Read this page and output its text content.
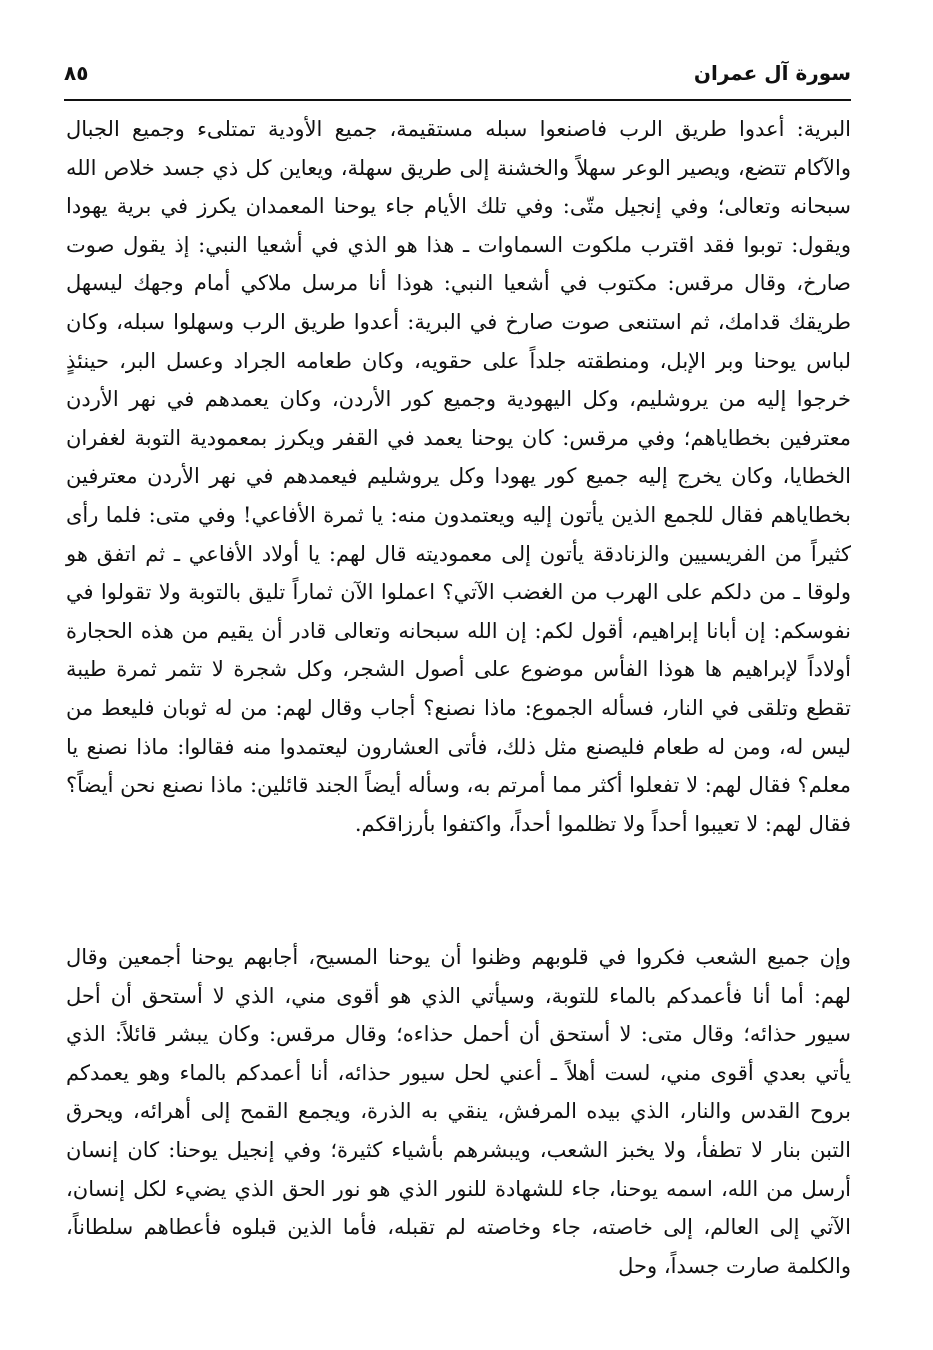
سورة آل عمران
٨٥

البرية: أعدوا طريق الرب فاصنعوا سبله مستقيمة، جميع الأودية تمتلىء وجميع الجبال والآكام تتضع، ويصير الوعر سهلاً والخشنة إلى طريق سهلة، ويعاين كل ذي جسد خلاص الله سبحانه وتعالى؛ وفي إنجيل متّى: وفي تلك الأيام جاء يوحنا المعمدان يكرز في برية يهودا ويقول: توبوا فقد اقترب ملكوت السماوات ـ هذا هو الذي في أشعيا النبي: إذ يقول صوت صارخ، وقال مرقس: مكتوب في أشعيا النبي: هوذا أنا مرسل ملاكي أمام وجهك ليسهل طريقك قدامك، ثم استنعى صوت صارخ في البرية: أعدوا طريق الرب وسهلوا سبله، وكان لباس يوحنا وبر الإبل، ومنطقته جلداً على حقويه، وكان طعامه الجراد وعسل البر، حينئذٍ خرجوا إليه من يروشليم، وكل اليهودية وجميع كور الأردن، وكان يعمدهم في نهر الأردن معترفين بخطاياهم؛ وفي مرقس: كان يوحنا يعمد في القفر ويكرز بمعمودية التوبة لغفران الخطايا، وكان يخرج إليه جميع كور يهودا وكل يروشليم فيعمدهم في نهر الأردن معترفين بخطاياهم فقال للجمع الذين يأتون إليه ويعتمدون منه: يا ثمرة الأفاعي! وفي متى: فلما رأى كثيراً من الفريسيين والزنادقة يأتون إلى معموديته قال لهم: يا أولاد الأفاعي ـ ثم اتفق هو ولوقا ـ من دلكم على الهرب من الغضب الآتي؟ اعملوا الآن ثماراً تليق بالتوبة ولا تقولوا في نفوسكم: إن أبانا إبراهيم، أقول لكم: إن الله سبحانه وتعالى قادر أن يقيم من هذه الحجارة أولاداً لإبراهيم ها هوذا الفأس موضوع على أصول الشجر، وكل شجرة لا تثمر ثمرة طيبة تقطع وتلقى في النار، فسأله الجموع: ماذا نصنع؟ أجاب وقال لهم: من له ثوبان فليعط من ليس له، ومن له طعام فليصنع مثل ذلك، فأتى العشارون ليعتمدوا منه فقالوا: ماذا نصنع يا معلم؟ فقال لهم: لا تفعلوا أكثر مما أمرتم به، وسأله أيضاً الجند قائلين: ماذا نصنع نحن أيضاً؟ فقال لهم: لا تعيبوا أحداً ولا تظلموا أحداً، واكتفوا بأرزاقكم.

وإن جميع الشعب فكروا في قلوبهم وظنوا أن يوحنا المسيح، أجابهم يوحنا أجمعين وقال لهم: أما أنا فأعمدكم بالماء للتوبة، وسيأتي الذي هو أقوى مني، الذي لا أستحق أن أحل سيور حذائه؛ وقال متى: لا أستحق أن أحمل حذاءه؛ وقال مرقس: وكان يبشر قائلاً: الذي يأتي بعدي أقوى مني، لست أهلاً ـ أعني لحل سيور حذائه، أنا أعمدكم بالماء وهو يعمدكم بروح القدس والنار، الذي بيده المرفش، ينقي به الذرة، ويجمع القمح إلى أهرائه، ويحرق التبن بنار لا تطفأ، ولا يخبز الشعب، ويبشرهم بأشياء كثيرة؛ وفي إنجيل يوحنا: كان إنسان أرسل من الله، اسمه يوحنا، جاء للشهادة للنور الذي هو نور الحق الذي يضيء لكل إنسان، الآتي إلى العالم، إلى خاصته، جاء وخاصته لم تقبله، فأما الذين قبلوه فأعطاهم سلطاناً، والكلمة صارت جسداً، وحل
